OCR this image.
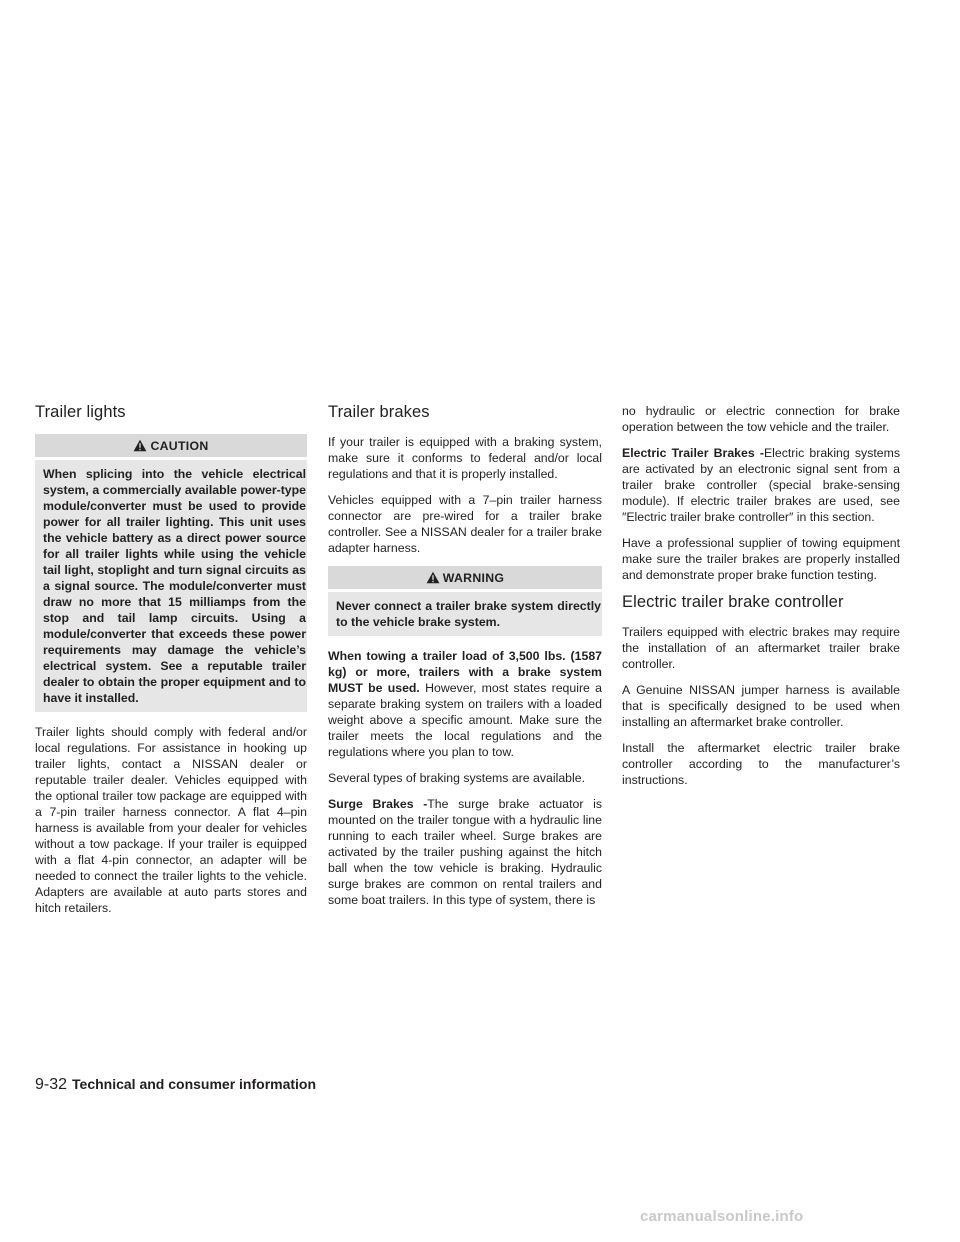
Trailer lights
CAUTION
When splicing into the vehicle electrical system, a commercially available power-type module/converter must be used to provide power for all trailer lighting. This unit uses the vehicle battery as a direct power source for all trailer lights while using the vehicle tail light, stoplight and turn signal circuits as a signal source. The module/converter must draw no more that 15 milliamps from the stop and tail lamp circuits. Using a module/converter that exceeds these power requirements may damage the vehicle’s electrical system. See a reputable trailer dealer to obtain the proper equipment and to have it installed.

Trailer lights should comply with federal and/or local regulations. For assistance in hooking up trailer lights, contact a NISSAN dealer or reputable trailer dealer. Vehicles equipped with the optional trailer tow package are equipped with a 7-pin trailer harness connector. A flat 4–pin harness is available from your dealer for vehicles without a tow package. If your trailer is equipped with a flat 4-pin connector, an adapter will be needed to connect the trailer lights to the vehicle. Adapters are available at auto parts stores and hitch retailers.

Trailer brakes

If your trailer is equipped with a braking system, make sure it conforms to federal and/or local regulations and that it is properly installed.

Vehicles equipped with a 7–pin trailer harness connector are pre-wired for a trailer brake controller. See a NISSAN dealer for a trailer brake adapter harness.

WARNING
Never connect a trailer brake system directly to the vehicle brake system.

When towing a trailer load of 3,500 lbs. (1587 kg) or more, trailers with a brake system MUST be used. However, most states require a separate braking system on trailers with a loaded weight above a specific amount. Make sure the trailer meets the local regulations and the regulations where you plan to tow.

Several types of braking systems are available.

Surge Brakes -The surge brake actuator is mounted on the trailer tongue with a hydraulic line running to each trailer wheel. Surge brakes are activated by the trailer pushing against the hitch ball when the tow vehicle is braking. Hydraulic surge brakes are common on rental trailers and some boat trailers. In this type of system, there is

no hydraulic or electric connection for brake operation between the tow vehicle and the trailer.

Electric Trailer Brakes -Electric braking systems are activated by an electronic signal sent from a trailer brake controller (special brake-sensing module). If electric trailer brakes are used, see ″Electric trailer brake controller″ in this section.

Have a professional supplier of towing equipment make sure the trailer brakes are properly installed and demonstrate proper brake function testing.

Electric trailer brake controller

Trailers equipped with electric brakes may require the installation of an aftermarket trailer brake controller.

A Genuine NISSAN jumper harness is available that is specifically designed to be used when installing an aftermarket brake controller.

Install the aftermarket electric trailer brake controller according to the manufacturer’s instructions.

9-32 Technical and consumer information
carmanualsonline.info
